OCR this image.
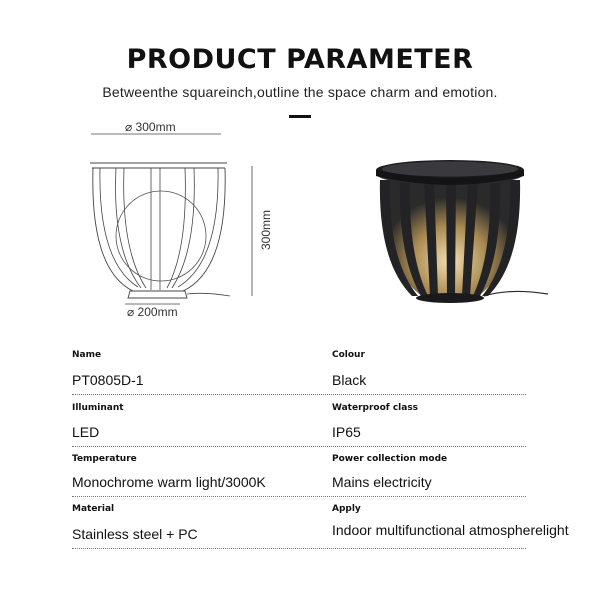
PRODUCT PARAMETER
Betweenthe squareinch,outline the space charm and emotion.
⌀ 300mm
300mm
⌀ 200mm
Name	Colour
PT0805D-1	Black
Illuminant	Waterproof class
LED	IP65
Temperature	Power collection mode
Monochrome warm light/3000K	Mains electricity
Material	Apply
Stainless steel + PC	Indoor multifunctional atmospherelight
